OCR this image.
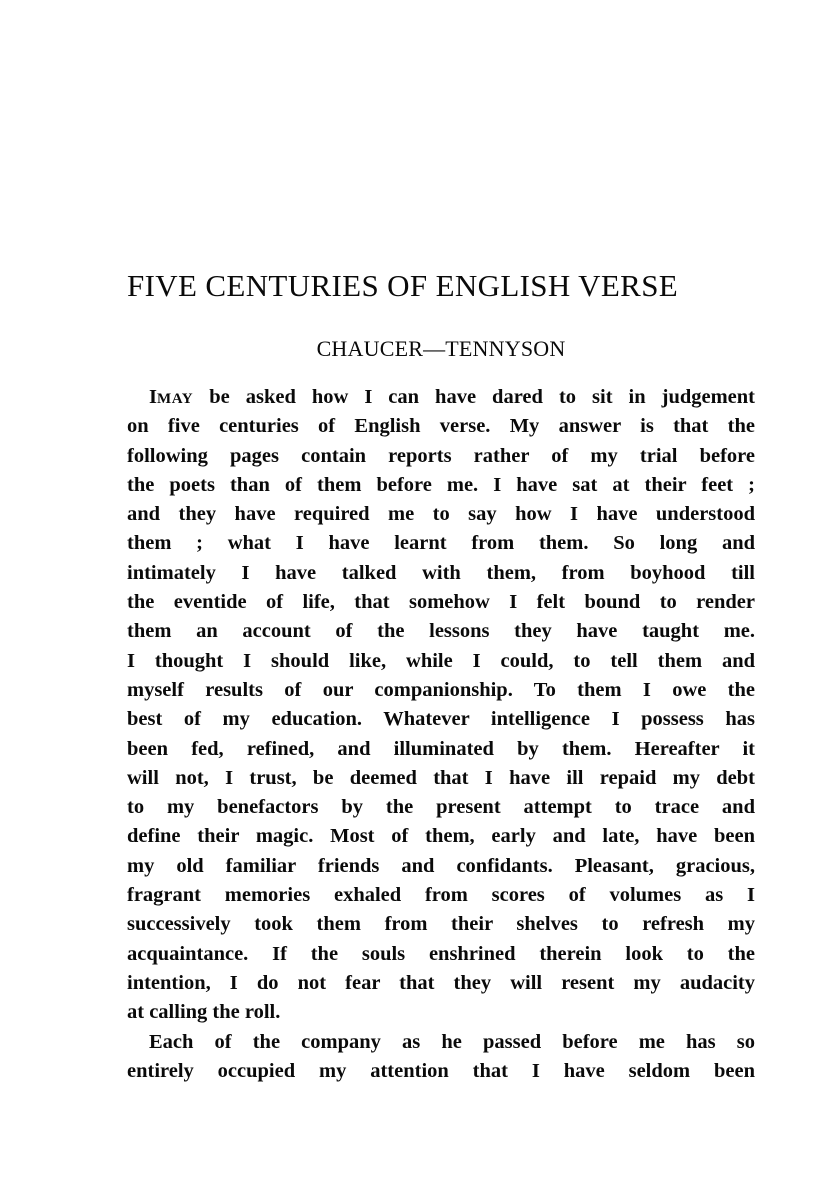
FIVE CENTURIES OF ENGLISH VERSE
CHAUCER—TENNYSON
IMAY be asked how I can have dared to sit in judgement
on five centuries of English verse. My answer is that the
following pages contain reports rather of my trial before
the poets than of them before me. I have sat at their feet ;
and they have required me to say how I have understood
them ; what I have learnt from them. So long and
intimately I have talked with them, from boyhood till
the eventide of life, that somehow I felt bound to render
them an account of the lessons they have taught me.
I thought I should like, while I could, to tell them and
myself results of our companionship. To them I owe the
best of my education. Whatever intelligence I possess has
been fed, refined, and illuminated by them. Hereafter it
will not, I trust, be deemed that I have ill repaid my debt
to my benefactors by the present attempt to trace and
define their magic. Most of them, early and late, have been
my old familiar friends and confidants. Pleasant, gracious,
fragrant memories exhaled from scores of volumes as I
successively took them from their shelves to refresh my
acquaintance. If the souls enshrined therein look to the
intention, I do not fear that they will resent my audacity
at calling the roll.
Each of the company as he passed before me has so
entirely occupied my attention that I have seldom been
